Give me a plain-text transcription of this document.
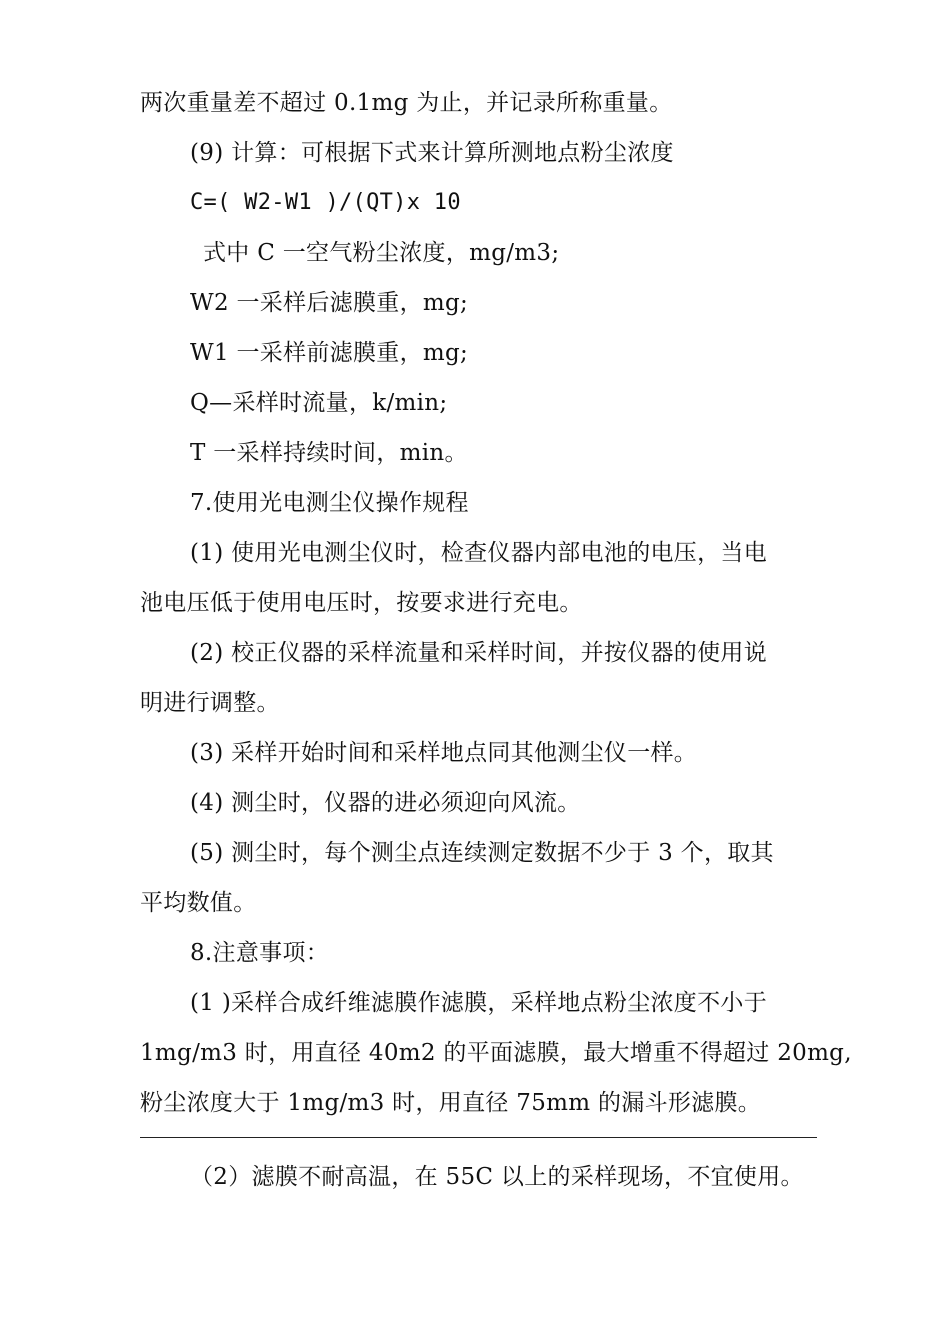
两次重量差不超过 0.1mg 为止，并记录所称重量。
(9) 计算：可根据下式来计算所测地点粉尘浓度
C=( W2-W1 )/(QT)x 10
式中 C 一空气粉尘浓度，mg/m3;
W2 一采样后滤膜重，mg;
W1 一采样前滤膜重，mg;
Q—采样时流量，k/min;
T 一采样持续时间，min。
7.使用光电测尘仪操作规程
(1) 使用光电测尘仪时，检查仪器内部电池的电压，当电
池电压低于使用电压时，按要求进行充电。
(2) 校正仪器的采样流量和采样时间，并按仪器的使用说
明进行调整。
(3) 采样开始时间和采样地点同其他测尘仪一样。
(4) 测尘时，仪器的进必须迎向风流。
(5) 测尘时，每个测尘点连续测定数据不少于 3 个，取其
平均数值。
8.注意事项：
(1 )采样合成纤维滤膜作滤膜，采样地点粉尘浓度不小于
1mg/m3 时，用直径 40m2 的平面滤膜，最大增重不得超过 20mg,
粉尘浓度大于 1mg/m3 时，用直径 75mm 的漏斗形滤膜。
（2）滤膜不耐高温，在 55C 以上的采样现场，不宜使用。
